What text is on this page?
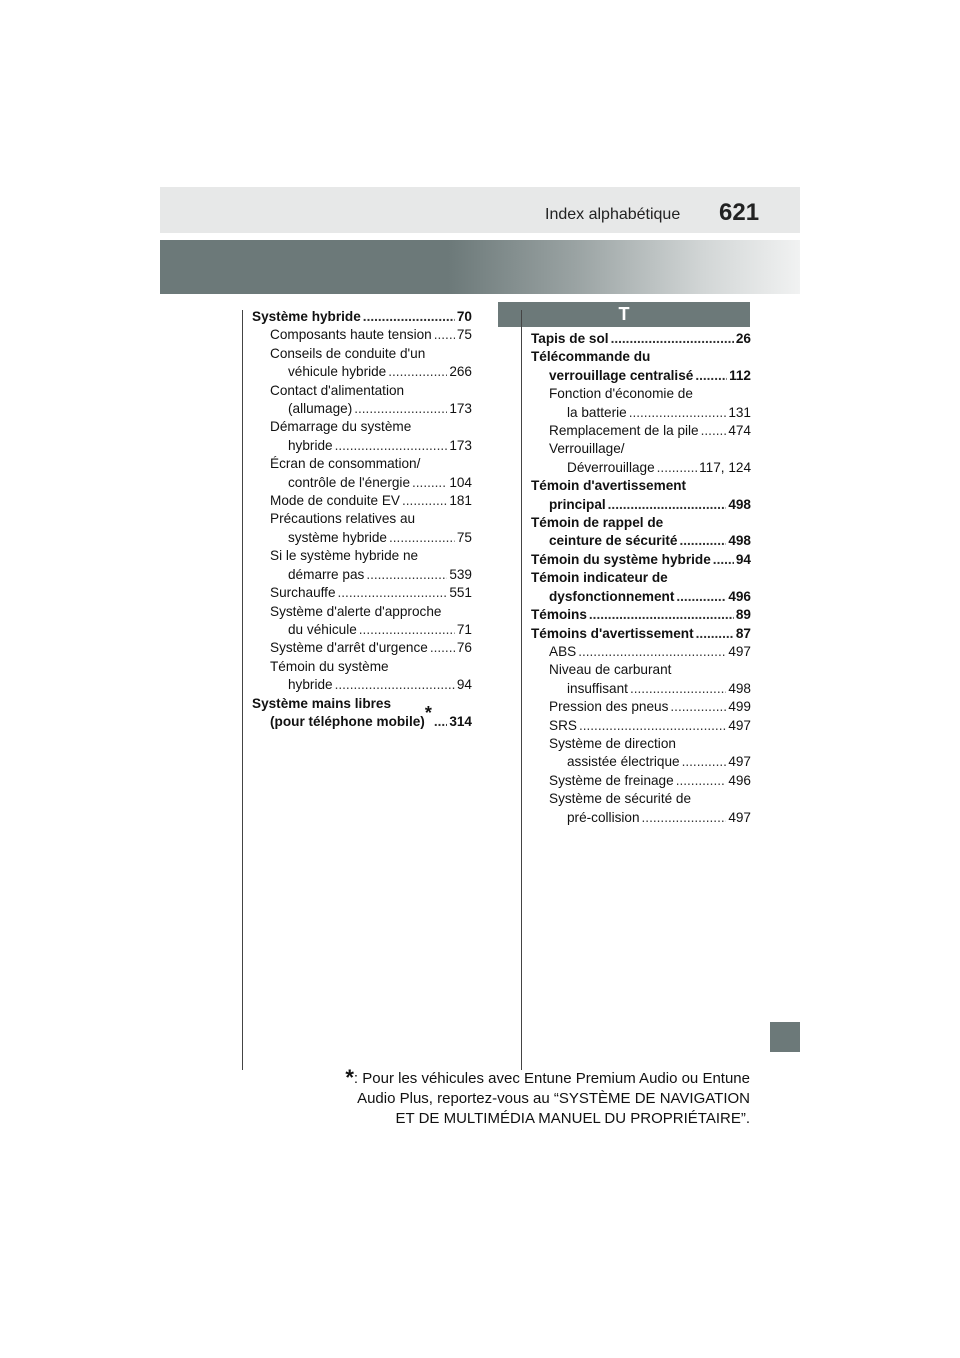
Index alphabétique 621
T
Système hybride .....	70
Composants haute tension ..... 75
Conseils de conduite d'un
véhicule hybride .....	266
Contact d'alimentation
(allumage) .....	173
Démarrage du système
hybride .....	173
Écran de consommation/
contrôle de l'énergie .....	104
Mode de conduite EV .....	181
Précautions relatives au
système hybride .....	75
Si le système hybride ne
démarre pas .....	539
Surchauffe .....	551
Système d'alerte d'approche
du véhicule .....	71
Système d'arrêt d'urgence ..... 76
Témoin du système
hybride .....	94
Système mains libres
(pour téléphone mobile) * ..... 314
Tapis de sol .....	26
Télécommande du
verrouillage centralisé .....	112
Fonction d'économie de
la batterie .....	131
Remplacement de la pile ..... 474
Verrouillage/
Déverrouillage .....	117, 124
Témoin d'avertissement
principal .....	498
Témoin de rappel de
ceinture de sécurité .....	498
Témoin du système hybride ..... 94
Témoin indicateur de
dysfonctionnement .....	496
Témoins .....	89
Témoins d'avertissement .....	87
ABS .....	497
Niveau de carburant
insuffisant .....	498
Pression des pneus .....	499
SRS .....	497
Système de direction
assistée électrique .....	497
Système de freinage .....	496
Système de sécurité de
pré-collision .....	497
*: Pour les véhicules avec Entune Premium Audio ou Entune
Audio Plus, reportez-vous au “SYSTÈME DE NAVIGATION
ET DE MULTIMÉDIA MANUEL DU PROPRIÉTAIRE”.
